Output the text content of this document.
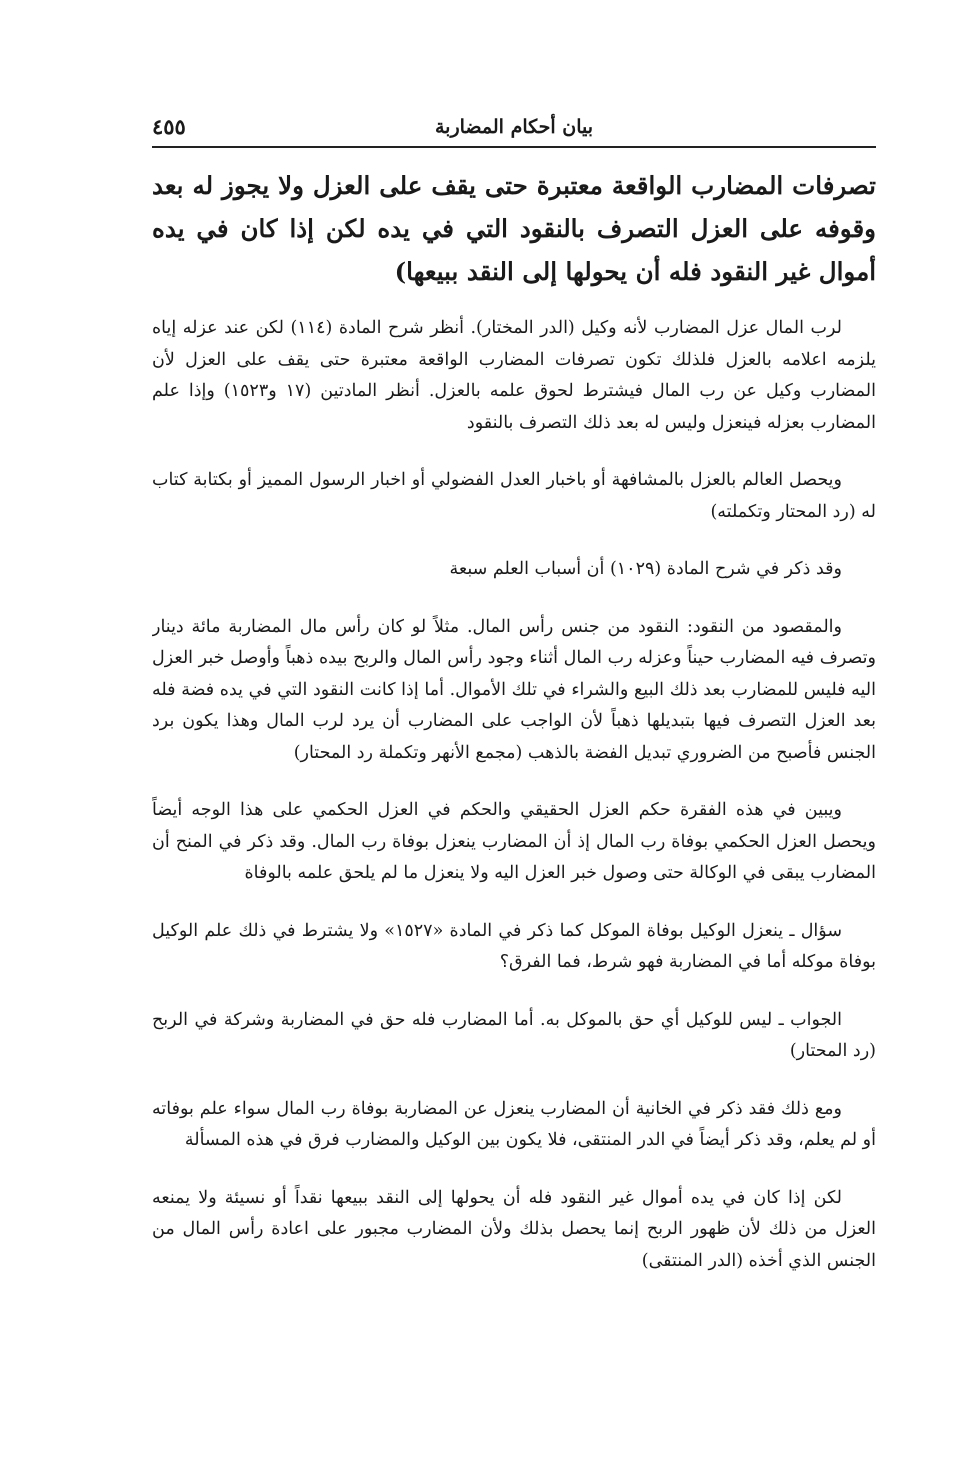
بيان أحكام المضاربة
٤٥٥

تصرفات المضارب الواقعة معتبرة حتى يقف على العزل ولا يجوز له بعد وقوفه على العزل التصرف بالنقود التي في يده لكن إذا كان في يده أموال غير النقود فله أن يحولها إلى النقد ببيعها)

لرب المال عزل المضارب لأنه وكيل (الدر المختار). أنظر شرح المادة (١١٤) لكن عند عزله إياه يلزمه اعلامه بالعزل فلذلك تكون تصرفات المضارب الواقعة معتبرة حتى يقف على العزل لأن المضارب وكيل عن رب المال فيشترط لحوق علمه بالعزل. أنظر المادتين (١٧ و١٥٢٣) وإذا علم المضارب بعزله فينعزل وليس له بعد ذلك التصرف بالنقود

ويحصل العالم بالعزل بالمشافهة أو باخبار العدل الفضولي أو اخبار الرسول المميز أو بكتابة كتاب له (رد المحتار وتكملته)

وقد ذكر في شرح المادة (١٠٢٩) أن أسباب العلم سبعة

والمقصود من النقود: النقود من جنس رأس المال. مثلاً لو كان رأس مال المضاربة مائة دينار وتصرف فيه المضارب حيناً وعزله رب المال أثناء وجود رأس المال والربح بيده ذهباً وأوصل خبر العزل اليه فليس للمضارب بعد ذلك البيع والشراء في تلك الأموال. أما إذا كانت النقود التي في يده فضة فله بعد العزل التصرف فيها بتبديلها ذهباً لأن الواجب على المضارب أن يرد لرب المال وهذا يكون برد الجنس فأصبح من الضروري تبديل الفضة بالذهب (مجمع الأنهر وتكملة رد المحتار)

ويبين في هذه الفقرة حكم العزل الحقيقي والحكم في العزل الحكمي على هذا الوجه أيضاً ويحصل العزل الحكمي بوفاة رب المال إذ أن المضارب ينعزل بوفاة رب المال. وقد ذكر في المنح أن المضارب يبقى في الوكالة حتى وصول خبر العزل اليه ولا ينعزل ما لم يلحق علمه بالوفاة

سؤال ـ ينعزل الوكيل بوفاة الموكل كما ذكر في المادة «١٥٢٧» ولا يشترط في ذلك علم الوكيل بوفاة موكله أما في المضاربة فهو شرط، فما الفرق؟

الجواب ـ ليس للوكيل أي حق بالموكل به. أما المضارب فله حق في المضاربة وشركة في الربح (رد المحتار)

ومع ذلك فقد ذكر في الخانية أن المضارب ينعزل عن المضاربة بوفاة رب المال سواء علم بوفاته أو لم يعلم، وقد ذكر أيضاً في الدر المنتقى، فلا يكون بين الوكيل والمضارب فرق في هذه المسألة

لكن إذا كان في يده أموال غير النقود فله أن يحولها إلى النقد ببيعها نقداً أو نسيئة ولا يمنعه العزل من ذلك لأن ظهور الربح إنما يحصل بذلك ولأن المضارب مجبور على اعادة رأس المال من الجنس الذي أخذه (الدر المنتقى)
